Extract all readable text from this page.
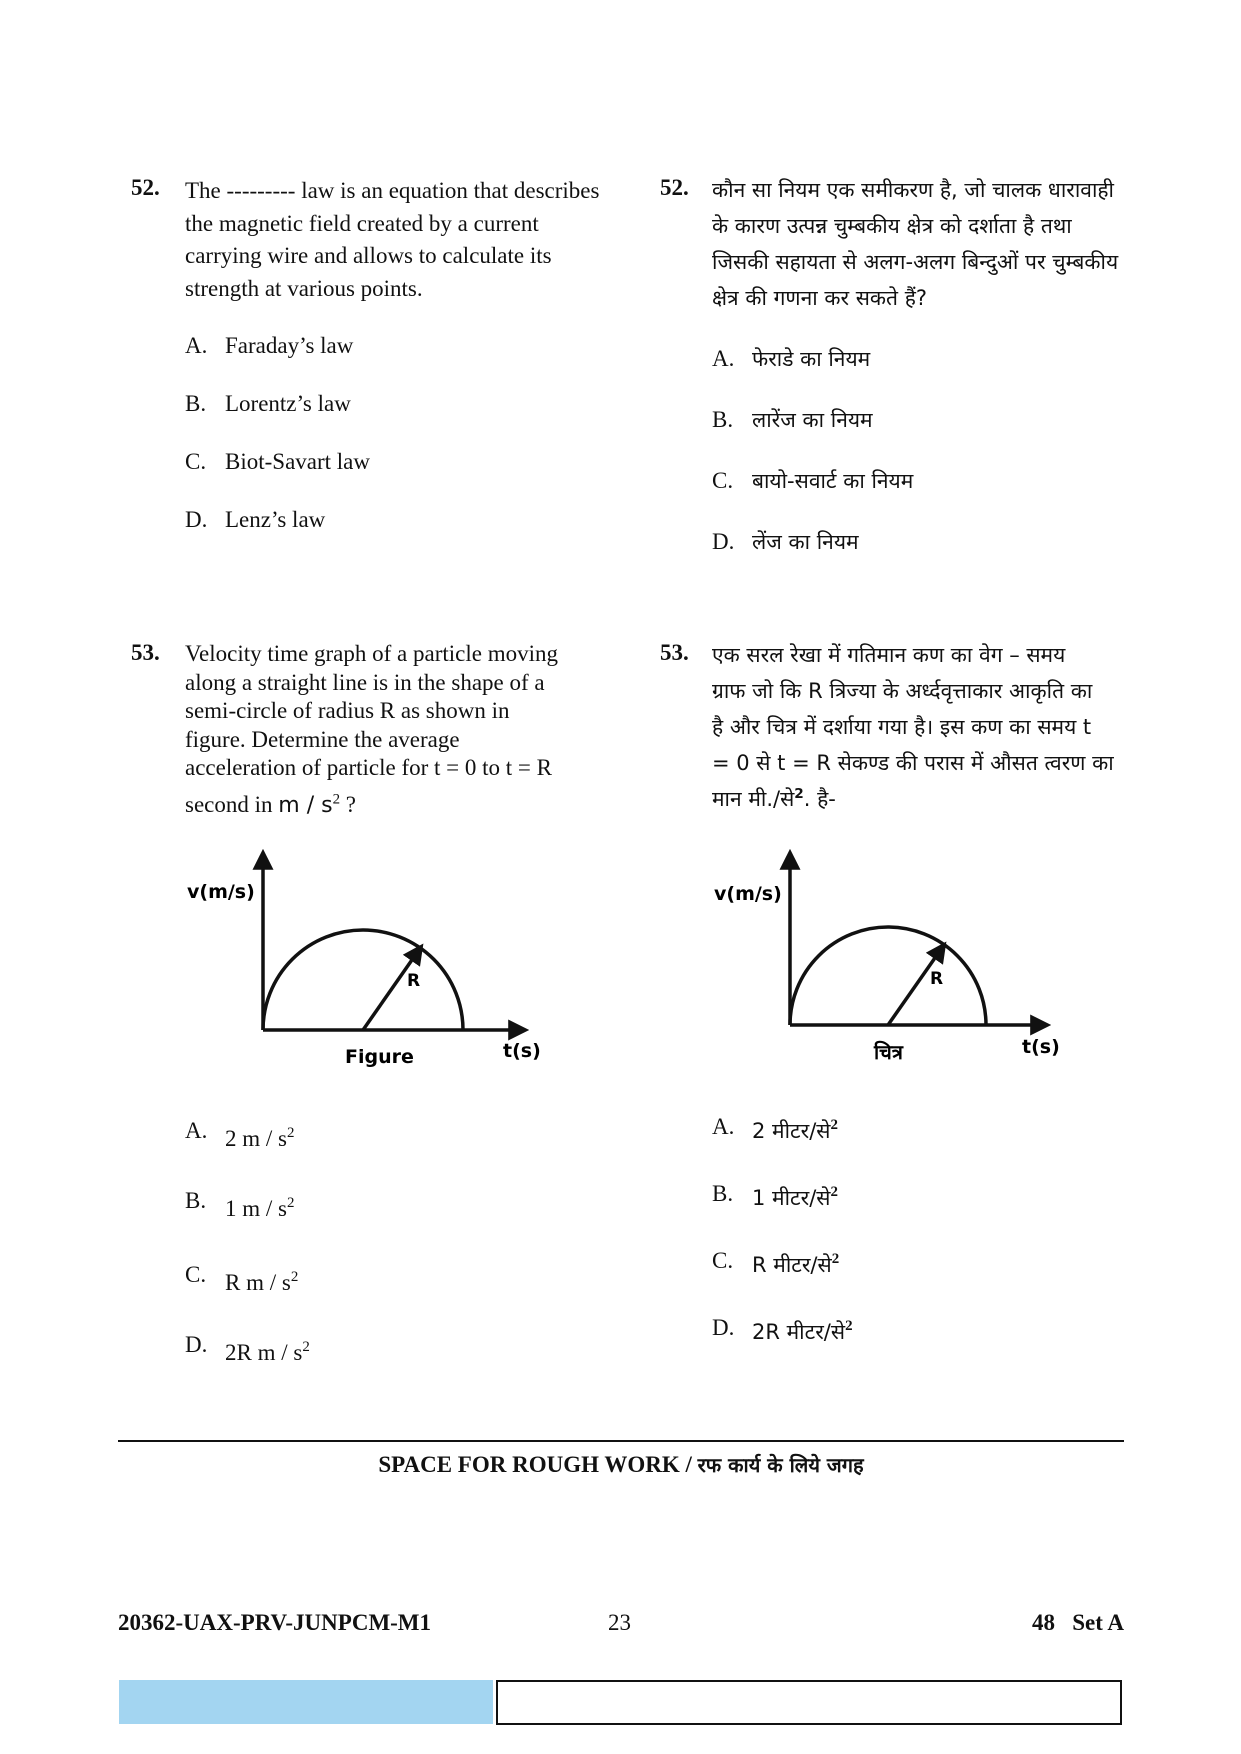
52. The --------- law is an equation that describes the magnetic field created by a current carrying wire and allows to calculate its strength at various points.
A. Faraday’s law
B. Lorentz’s law
C. Biot-Savart law
D. Lenz’s law
52. कौन सा नियम एक समीकरण है, जो चालक धारावाही के कारण उत्पन्न चुम्बकीय क्षेत्र को दर्शाता है तथा जिसकी सहायता से अलग-अलग बिन्दुओं पर चुम्बकीय क्षेत्र की गणना कर सकते हैं?
A. फेराडे का नियम
B. लारेंज का नियम
C. बायो-सवार्ट का नियम
D. लेंज का नियम
53. Velocity time graph of a particle moving
along a straight line is in the shape of a
semi-circle of radius R as shown in
figure. Determine the average
acceleration of particle for t = 0 to t = R
second in m / $s^2$ ?
v(m/s)
R
Figure	t(s)
A. 2 m / $s^2$
B. 1 m / $s^2$
C. R m / $s^2$
D. 2R m / $s^2$
53. एक सरल रेखा में गतिमान कण का वेग – समय
ग्राफ जो कि R त्रिज्या के अर्ध्दवृत्ताकार आकृति का
है और चित्र में दर्शाया गया है। इस कण का समय t
= 0 से t = R सेकण्ड की परास में औसत त्वरण का
मान मी./से$^2$. है-
v(m/s)
R
चित्र	t(s)
A. 2 मीटर/से$^2$
B. 1 मीटर/से$^2$
C. R मीटर/से$^2$
D. 2R मीटर/से$^2$
SPACE FOR ROUGH WORK / रफ कार्य के लिये जगह
20362-UAX-PRV-JUNPCM-M1	23	48   Set A
